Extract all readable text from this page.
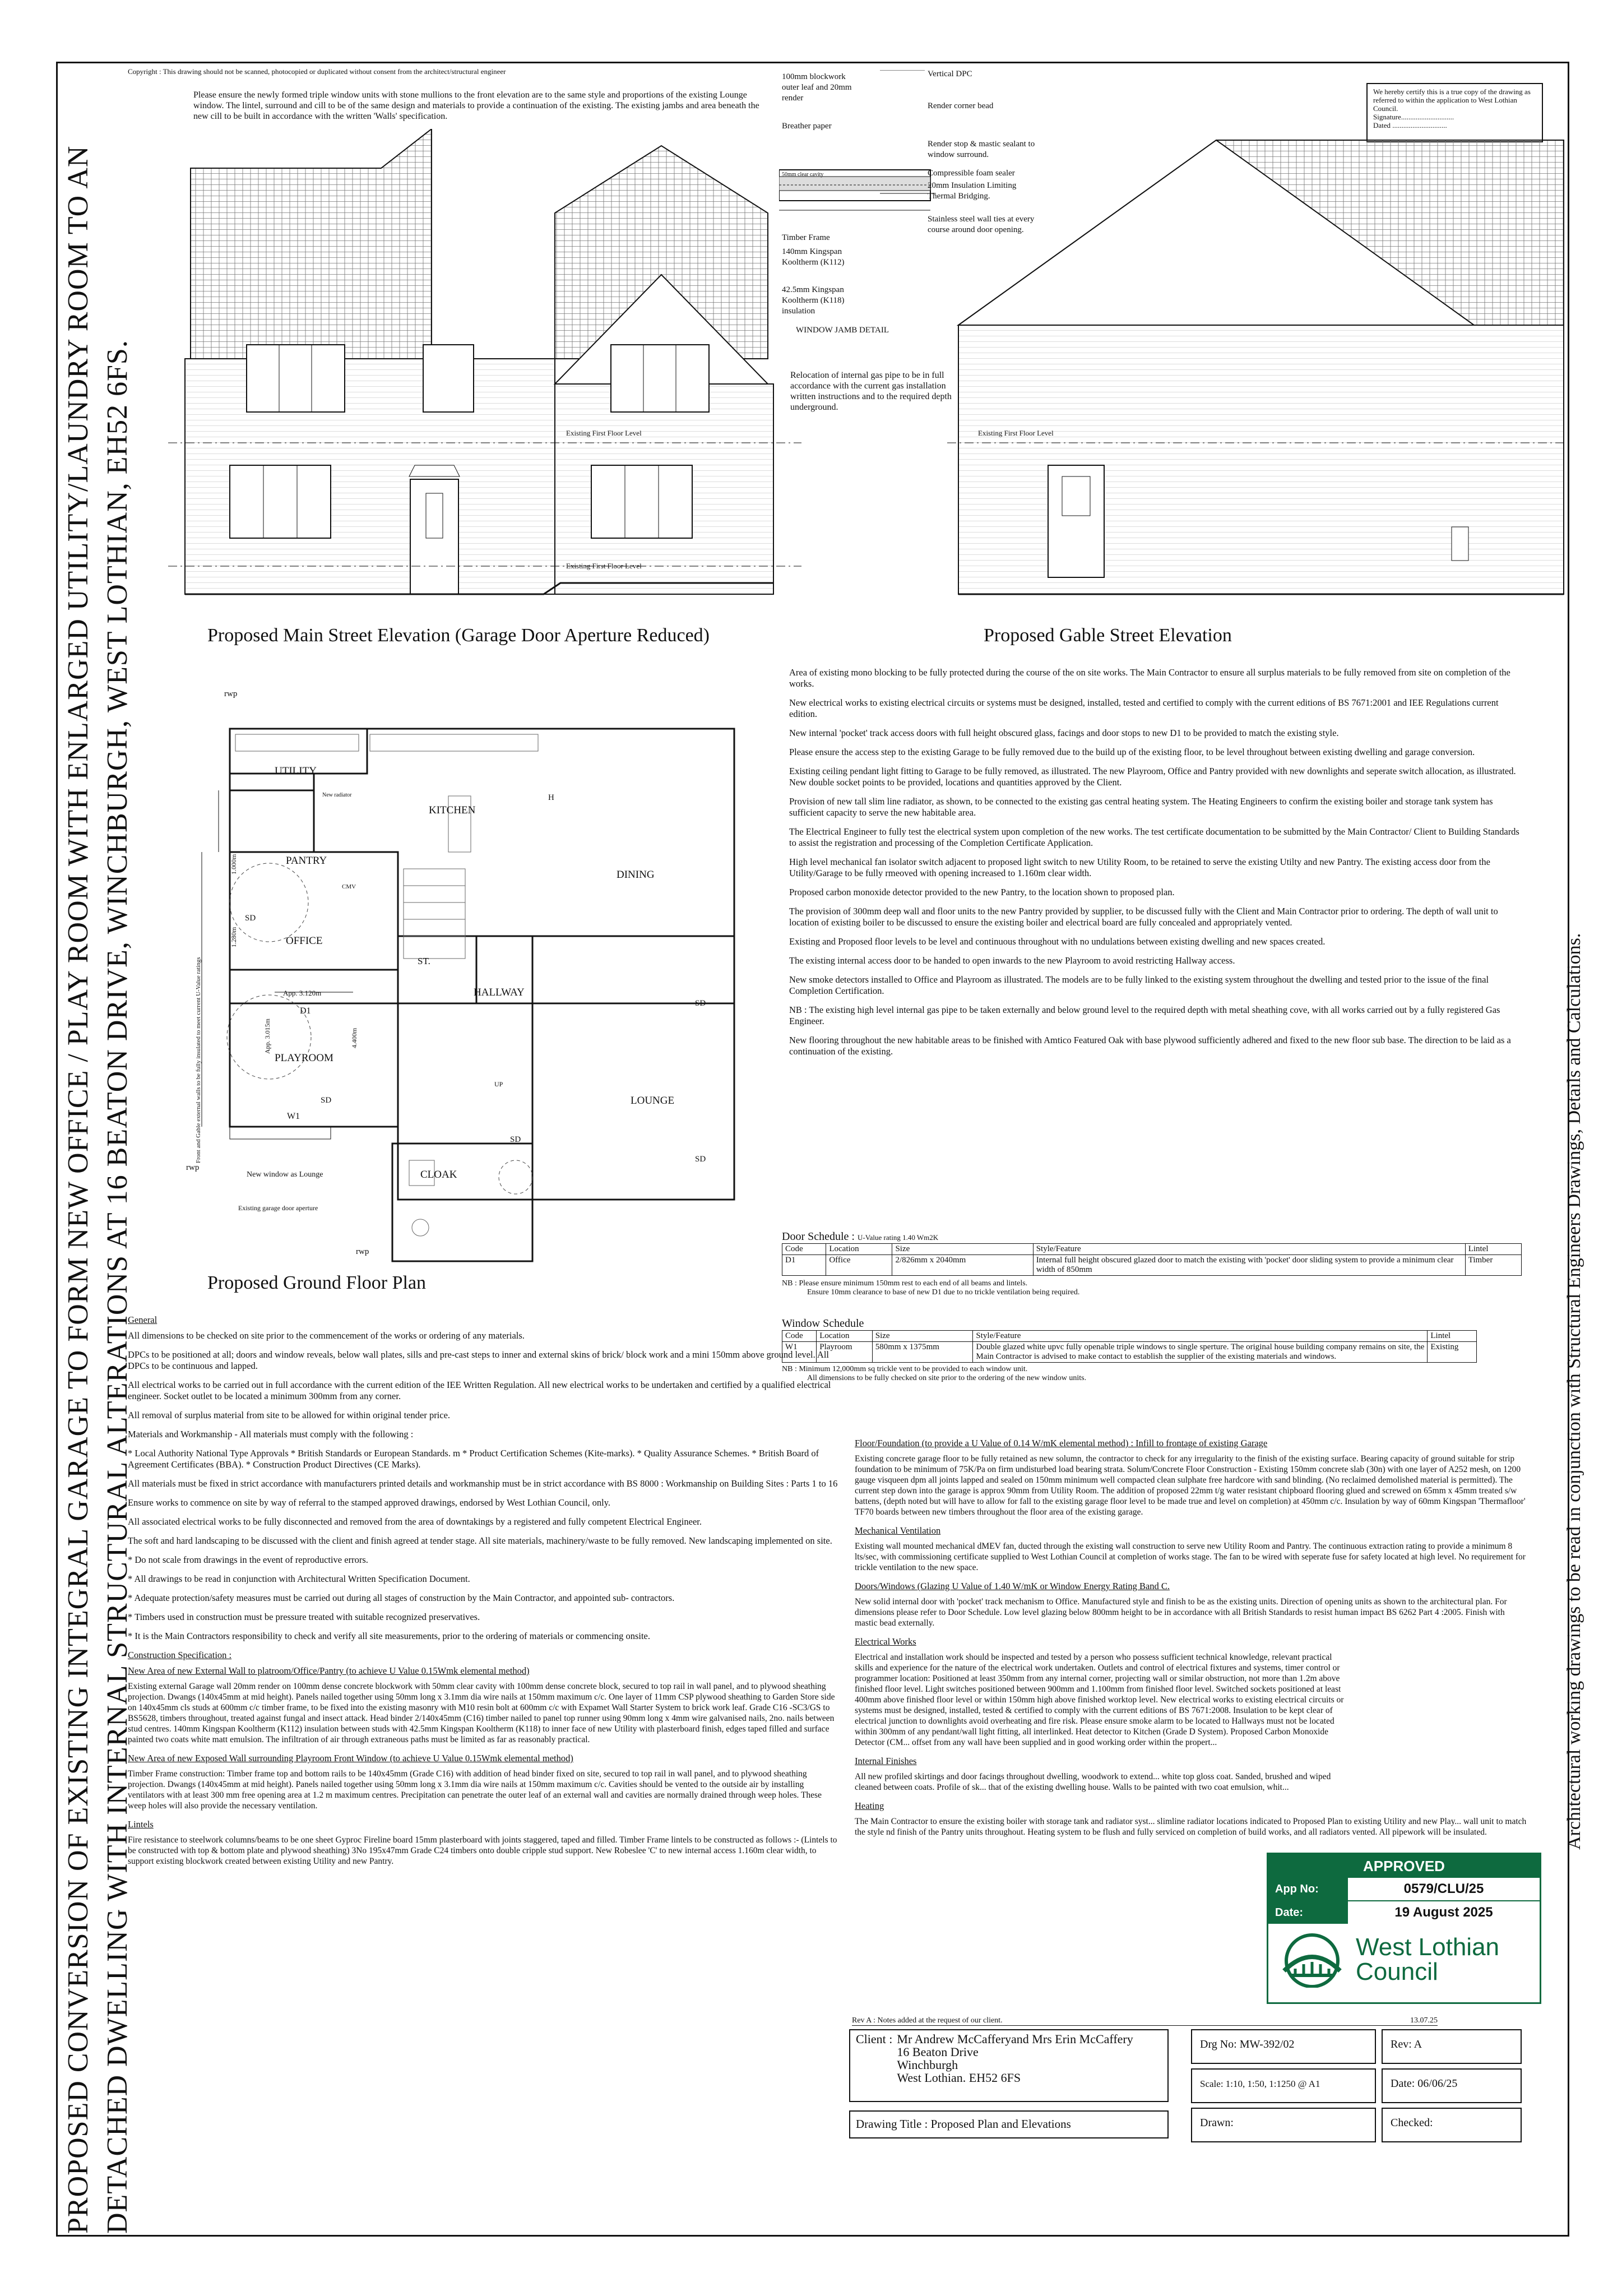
PROPOSED CONVERSION OF EXISTING INTEGRAL GARAGE TO FORM NEW OFFICE / PLAY ROOM WITH ENLARGED UTILITY/LAUNDRY ROOM TO AN DETACHED DWELLING WITH INTERNAL STRUCTURAL ALTERATIONS AT 16 BEATON DRIVE, WINCHBURGH, WEST LOTHIAN, EH52 6FS.	Architectural working drawings to be read in conjunction with Structural Engineers Drawings, Details and Calculations.
Copyright : This drawing should not be scanned, photocopied or duplicated without consent from the architect/structural engineer
Please ensure the newly formed triple window units with stone mullions to the front elevation are to the same style and proportions of the existing Lounge window. The lintel, surround and cill to be of the same design and materials to provide a continuation of the existing. The existing jambs and area beneath the new cill to be built in accordance with the written 'Walls' specification.
We hereby certify this is a true copy of the drawing as referred to within the application to West Lothian Council.
Signature.............................
Dated ..............................
Existing First Floor Level
Existing First Floor Level
Proposed Main Street Elevation (Garage Door Aperture Reduced)
100mm blockwork outer leaf and 20mm render
Breather paper
50mm clear cavity
Timber Frame
140mm Kingspan Kooltherm (K112)
42.5mm Kingspan Kooltherm (K118) insulation
Vertical DPC
Render corner bead
Render stop & mastic sealant to window surround.
Compressible foam sealer
20mm Insulation Limiting Thermal Bridging.
Stainless steel wall ties at every course around door opening.
WINDOW JAMB DETAIL
Relocation of internal gas pipe to be in full accordance with the current gas installation written instructions and to the required depth underground.
Existing First Floor Level
Proposed Gable Street Elevation
UTILITY
KITCHEN
PANTRY
DINING
OFFICE
HALLWAY
PLAYROOM
LOUNGE
CLOAK
ST.
SD
SD
SD
SD
SD
D1
W1
H
UP
rwp
rwp
rwp
CMV
New radiator
App. 3.120m
App. 3.015m
1.000m
1.280m
4.400m
Front and Gable external walls to be fully insulated to meet current U-Value ratings
New window as Lounge
Existing garage door aperture
Proposed Ground Floor Plan

Area of existing mono blocking to be fully protected during the course of the on site works. The Main Contractor to ensure all surplus materials to be fully removed from site on completion of the works.

New electrical works to existing electrical circuits or systems must be designed, installed, tested and certified to comply with the current editions of BS 7671:2001 and IEE Regulations current edition.

New internal 'pocket' track access doors with full height obscured glass, facings and door stops to new D1 to be provided to match the existing style.

Please ensure the access step to the existing Garage to be fully removed due to the build up of the existing floor, to be level throughout between existing dwelling and garage conversion.

Existing ceiling pendant light fitting to Garage to be fully removed, as illustrated. The new Playroom, Office and Pantry provided with new downlights and seperate switch allocation, as illustrated. New double socket points to be provided, locations and quantities approved by the Client.

Provision of new tall slim line radiator, as shown, to be connected to the existing gas central heating system. The Heating Engineers to confirm the existing boiler and storage tank system has sufficient capacity to serve the new habitable area.

The Electrical Engineer to fully test the electrical system upon completion of the new works. The test certificate documentation to be submitted by the Main Contractor/ Client to Building Standards to assist the registration and processing of the Completion Certificate Application.

High level mechanical fan isolator switch adjacent to proposed light switch to new Utility Room, to be retained to serve the existing Utilty and new Pantry. The existing access door from the Utility/Garage to be fully rmeoved with opening increased to 1.160m clear width.

Proposed carbon monoxide detector provided to the new Pantry, to the location shown to proposed plan.

The provision of 300mm deep wall and floor units to the new Pantry provided by supplier, to be discussed fully with the Client and Main Contractor prior to ordering. The depth of wall unit to location of existing boiler to be discussed to ensure the existing boiler and electrical board are fully concealed and appropriately vented.

Existing and Proposed floor levels to be level and continuous throughout with no undulations between existing dwelling and new spaces created.

The existing internal access door to be handed to open inwards to the new Playroom to avoid restricting Hallway access.

New smoke detectors installed to Office and Playroom as illustrated. The models are to be fully linked to the existing system throughout the dwelling and tested prior to the issue of the final Completion Certification.

NB : The existing high level internal gas pipe to be taken externally and below ground level to the required depth with metal sheathing cove, with all works carried out by a fully registered Gas Engineer.

New flooring throughout the new habitable areas to be finished with Amtico Featured Oak with base plywood sufficiently adhered and fixed to the new floor sub base. The direction to be laid as a continuation of the existing.

Door Schedule : U-Value rating 1.40 Wm2K
Code	Location	Size	Style/Feature	Lintel
D1	Office	2/826mm x 2040mm	Internal full height obscured glazed door to match the existing with 'pocket' door sliding system to provide a minimum clear width of 850mm	Timber
NB : Please ensure minimum 150mm rest to each end of all beams and lintels.
Ensure 10mm clearance to base of new D1 due to no trickle ventilation being required.
Window Schedule
Code	Location	Size	Style/Feature	Lintel
W1	Playroom	580mm x 1375mm	Double glazed white upvc fully openable triple windows to single sperture. The original house building company remains on site, the Main Contractor is advised to make contact to establish the supplier of the existing materials and windows.	Existing
NB : Minimum 12,000mm sq trickle vent to be provided to each window unit.
All dimensions to be fully checked on site prior to the ordering of the new window units.
Floor/Foundation (to provide a U Value of 0.14 W/mK elemental method) : Infill to frontage of existing Garage

Existing concrete garage floor to be fully retained as new solumn, the contractor to check for any irregularity to the finish of the existing surface. Bearing capacity of ground suitable for strip foundation to be minimum of 75K/Pa on firm undisturbed load bearing strata. Solum/Concrete Floor Construction - Existing 150mm concrete slab (30n) with one layer of A252 mesh, on 1200 gauge visqueen dpm all joints lapped and sealed on 150mm minimum well compacted clean sulphate free hardcore with sand blinding. (No reclaimed demolished material is permitted). The current step down into the garage is approx 90mm from Utility Room. The addition of proposed 22mm t/g water resistant chipboard flooring glued and screwed on 65mm x 45mm treated s/w battens, (depth noted but will have to allow for fall to the existing garage floor level to be made true and level on completion) at 450mm c/c. Insulation by way of 60mm Kingspan 'Thermafloor' TF70 boards between new timbers throughout the floor area of the existing garage.

Mechanical Ventilation

Existing wall mounted mechanical dMEV fan, ducted through the existing wall construction to serve new Utility Room and Pantry. The continuous extraction rating to provide a minimum 8 lts/sec, with commissioning certificate supplied to West Lothian Council at completion of works stage. The fan to be wired with seperate fuse for safety located at high level. No requirement for trickle ventilation to the new space.

Doors/Windows (Glazing U Value of 1.40 W/mK or Window Energy Rating Band C.

New solid internal door with 'pocket' track mechanism to Office. Manufactured style and finish to be as the existing units. Direction of opening units as shown to the architectural plan. For dimensions please refer to Door Schedule. Low level glazing below 800mm height to be in accordance with all British Standards to resist human impact BS 6262 Part 4 :2005. Finish with mastic bead externally.

Electrical Works

Electrical and installation work should be inspected and tested by a person who possess sufficient technical knowledge, relevant practical skills and experience for the nature of the electrical work undertaken. Outlets and control of electrical fixtures and systems, timer control or programmer location: Positioned at least 350mm from any internal corner, projecting wall or similar obstruction, not more than 1.2m above finished floor level. Light switches positioned between 900mm and 1.100mm from finished floor level. Switched sockets positioned at least 400mm above finished floor level or within 150mm high above finished worktop level. New electrical works to existing electrical circuits or systems must be designed, installed, tested & certified to comply with the current editions of BS 7671:2008. Insulation to be kept clear of electrical junction to downlights avoid overheating and fire risk. Please ensure smoke alarm to be located to Hallways must not be located within 300mm of any pendant/wall light fitting, all interlinked. Heat detector to Kitchen (Grade D System). Proposed Carbon Monoxide Detector (CM... offset from any wall have been supplied and in good working order within the propert...

Internal Finishes

All new profiled skirtings and door facings throughout dwelling, woodwork to extend... white top gloss coat. Sanded, brushed and wiped cleaned between coats. Profile of sk... that of the existing dwelling house. Walls to be painted with two coat emulsion, whit...

Heating

The Main Contractor to ensure the existing boiler with storage tank and radiator syst... slimline radiator locations indicated to Proposed Plan to existing Utility and new Play... wall unit to match the style nd finish of the Pantry units throughout. Heating system to be flush and fully serviced on completion of build works, and all radiators vented. All pipework will be insulated.

General

All dimensions to be checked on site prior to the commencement of the works or ordering of any materials.

DPCs to be positioned at all; doors and window reveals, below wall plates, sills and pre-cast steps to inner and external skins of brick/ block work and a mini 150mm above ground level. All DPCs to be continuous and lapped.

All electrical works to be carried out in full accordance with the current edition of the IEE Written Regulation. All new electrical works to be undertaken and certified by a qualified electrical engineer. Socket outlet to be located a minimum 300mm from any corner.

All removal of surplus material from site to be allowed for within original tender price.

Materials and Workmanship - All materials must comply with the following :

* Local Authority National Type Approvals * British Standards or European Standards. m * Product Certification Schemes (Kite-marks). * Quality Assurance Schemes. * British Board of Agreement Certificates (BBA). * Construction Product Directives (CE Marks).

All materials must be fixed in strict accordance with manufacturers printed details and workmanship must be in strict accordance with BS 8000 : Workmanship on Building Sites : Parts 1 to 16

Ensure works to commence on site by way of referral to the stamped approved drawings, endorsed by West Lothian Council, only.

All associated electrical works to be fully disconnected and removed from the area of downtakings by a registered and fully competent Electrical Engineer.

The soft and hard landscaping to be discussed with the client and finish agreed at tender stage. All site materials, machinery/waste to be fully removed. New landscaping implemented on site.

* Do not scale from drawings in the event of reproductive errors.

* All drawings to be read in conjunction with Architectural Written Specification Document.

* Adequate protection/safety measures must be carried out during all stages of construction by the Main Contractor, and appointed sub- contractors.

* Timbers used in construction must be pressure treated with suitable recognized preservatives.

* It is the Main Contractors responsibility to check and verify all site measurements, prior to the ordering of materials or commencing onsite.

Construction Specification :
New Area of new External Wall to platroom/Office/Pantry (to achieve U Value 0.15Wmk elemental method)

Existing external Garage wall 20mm render on 100mm dense concrete blockwork with 50mm clear cavity with 100mm dense concrete block, secured to top rail in wall panel, and to plywood sheathing projection. Dwangs (140x45mm at mid height). Panels nailed together using 50mm long x 3.1mm dia wire nails at 150mm maximum c/c. One layer of 11mm CSP plywood sheathing to Garden Store side on 140x45mm cls studs at 600mm c/c timber frame, to be fixed into the existing masonry with M10 resin bolt at 600mm c/c with Expamet Wall Starter System to brick work leaf. Grade C16 -SC3/GS to BS5628, timbers throughout, treated against fungal and insect attack. Head binder 2/140x45mm (C16) timber nailed to panel top runner using 90mm long x 4mm wire galvanised nails, 2no. nails between stud centres. 140mm Kingspan Kooltherm (K112) insulation between studs with 42.5mm Kingspan Kooltherm (K118) to inner face of new Utility with plasterboard finish, edges taped filled and surface painted two coats white matt emulsion. The infiltration of air through extraneous paths must be limited as far as reasonably practical.

New Area of new Exposed Wall surrounding Playroom Front Window (to achieve U Value 0.15Wmk elemental method)

Timber Frame construction: Timber frame top and bottom rails to be 140x45mm (Grade C16) with addition of head binder fixed on site, secured to top rail in wall panel, and to plywood sheathing projection. Dwangs (140x45mm at mid height). Panels nailed together using 50mm long x 3.1mm dia wire nails at 150mm maximum c/c. Cavities should be vented to the outside air by installing ventilators with at least 300 mm free opening area at 1.2 m maximum centres. Precipitation can penetrate the outer leaf of an external wall and cavities are normally drained through weep holes. These weep holes will also provide the necessary ventilation.

Lintels

Fire resistance to steelwork columns/beams to be one sheet Gyproc Fireline board 15mm plasterboard with joints staggered, taped and filled. Timber Frame lintels to be constructed as follows :- (Lintels to be constructed with top & bottom plate and plywood sheathing) 3No 195x47mm Grade C24 timbers onto double cripple stud support. New Robeslee 'C' to new internal access 1.160m clear width, to support existing blockwork created between existing Utility and new Pantry.	APPROVED
App No:	0579/CLU/25
Date:	19 August 2025
West Lothian
Council
Rev A : Notes added at the request of our client.	13.07.25
Client : Mr Andrew McCafferyand Mrs Erin McCaffery
16 Beaton Drive
Winchburgh
West Lothian. EH52 6FS
Drawing Title : Proposed Plan and Elevations
Drg No: MW-392/02
Scale: 1:10, 1:50, 1:1250 @ A1
Drawn:
Rev: A
Date: 06/06/25
Checked:
